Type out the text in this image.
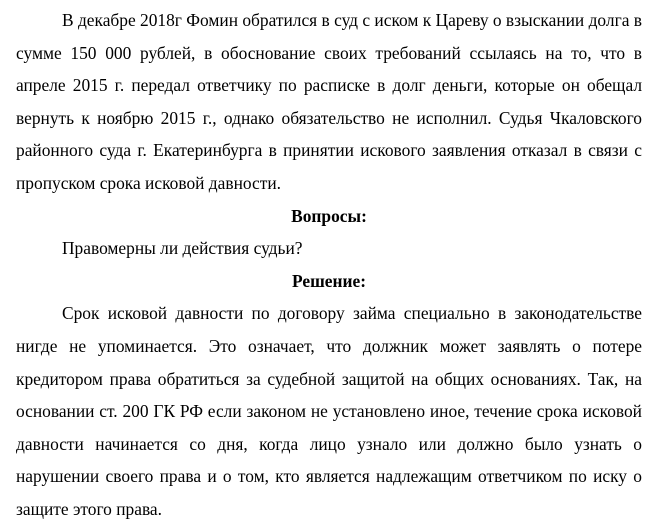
В декабре 2018г Фомин обратился в суд с иском к Цареву о взыскании долга в сумме 150 000 рублей, в обоснование своих требований ссылаясь на то, что в апреле 2015 г. передал ответчику по расписке в долг деньги, которые он обещал вернуть к ноябрю 2015 г., однако обязательство не исполнил. Судья Чкаловского районного суда г. Екатеринбурга в принятии искового заявления отказал в связи с пропуском срока исковой давности.

Вопросы:

Правомерны ли действия судьи?

Решение:

Срок исковой давности по договору займа специально в законодательстве нигде не упоминается. Это означает, что должник может заявлять о потере кредитором права обратиться за судебной защитой на общих основаниях. Так, на основании ст. 200 ГК РФ если законом не установлено иное, течение срока исковой давности начинается со дня, когда лицо узнало или должно было узнать о нарушении своего права и о том, кто является надлежащим ответчиком по иску о защите этого права.
